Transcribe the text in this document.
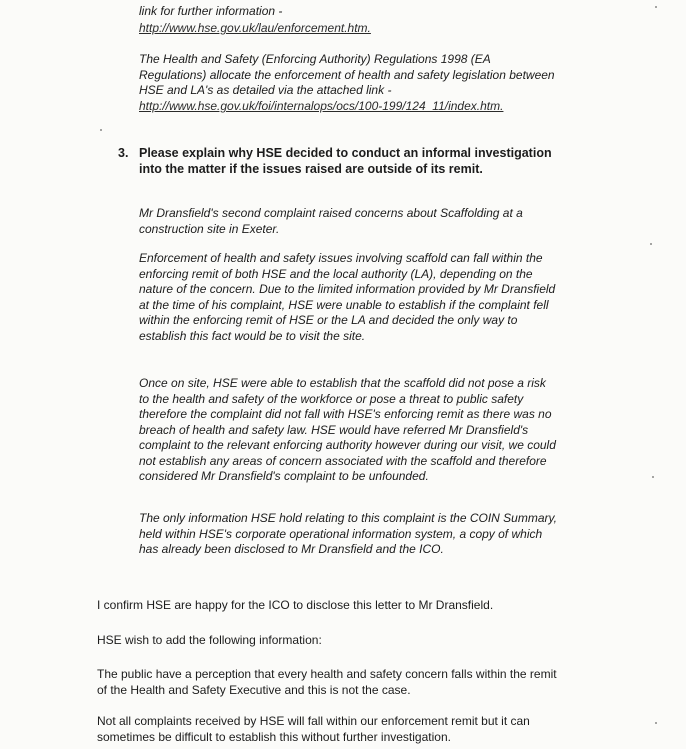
link for further information -

http://www.hse.gov.uk/lau/enforcement.htm.

The Health and Safety (Enforcing Authority) Regulations 1998 (EA Regulations) allocate the enforcement of health and safety legislation between HSE and LA's as detailed via the attached link -

http://www.hse.gov.uk/foi/internalops/ocs/100-199/124_11/index.htm.

3. Please explain why HSE decided to conduct an informal investigation into the matter if the issues raised are outside of its remit.

Mr Dransfield's second complaint raised concerns about Scaffolding at a construction site in Exeter.

Enforcement of health and safety issues involving scaffold can fall within the enforcing remit of both HSE and the local authority (LA), depending on the nature of the concern. Due to the limited information provided by Mr Dransfield at the time of his complaint, HSE were unable to establish if the complaint fell within the enforcing remit of HSE or the LA and decided the only way to establish this fact would be to visit the site.

Once on site, HSE were able to establish that the scaffold did not pose a risk to the health and safety of the workforce or pose a threat to public safety therefore the complaint did not fall with HSE's enforcing remit as there was no breach of health and safety law. HSE would have referred Mr Dransfield's complaint to the relevant enforcing authority however during our visit, we could not establish any areas of concern associated with the scaffold and therefore considered Mr Dransfield's complaint to be unfounded.

The only information HSE hold relating to this complaint is the COIN Summary, held within HSE's corporate operational information system, a copy of which has already been disclosed to Mr Dransfield and the ICO.

I confirm HSE are happy for the ICO to disclose this letter to Mr Dransfield.

HSE wish to add the following information:

The public have a perception that every health and safety concern falls within the remit of the Health and Safety Executive and this is not the case.

Not all complaints received by HSE will fall within our enforcement remit but it can sometimes be difficult to establish this without further investigation.
